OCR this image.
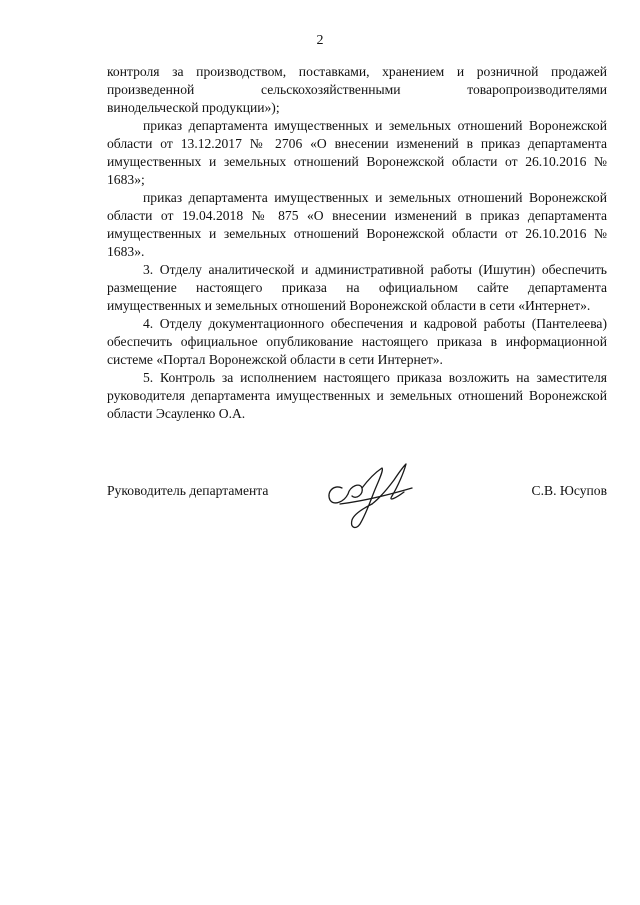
2

контроля за производством, поставками, хранением и розничной продажей
произведенной сельскохозяйственными товаропроизводителями
винодельческой продукции»);

приказ департамента имущественных и земельных отношений Воронежской области от 13.12.2017 № 2706 «О внесении изменений в приказ департамента имущественных и земельных отношений Воронежской области от 26.10.2016 № 1683»;

приказ департамента имущественных и земельных отношений Воронежской области от 19.04.2018 № 875 «О внесении изменений в приказ департамента имущественных и земельных отношений Воронежской области от 26.10.2016 № 1683».

3. Отделу аналитической и административной работы (Ишутин) обеспечить размещение настоящего приказа на официальном сайте департамента имущественных и земельных отношений Воронежской области в сети «Интернет».

4. Отделу документационного обеспечения и кадровой работы (Пантелеева) обеспечить официальное опубликование настоящего приказа в информационной системе «Портал Воронежской области в сети Интернет».

5. Контроль за исполнением настоящего приказа возложить на заместителя руководителя департамента имущественных и земельных отношений Воронежской области Эсауленко О.А.

Руководитель департамента	С.В. Юсупов
